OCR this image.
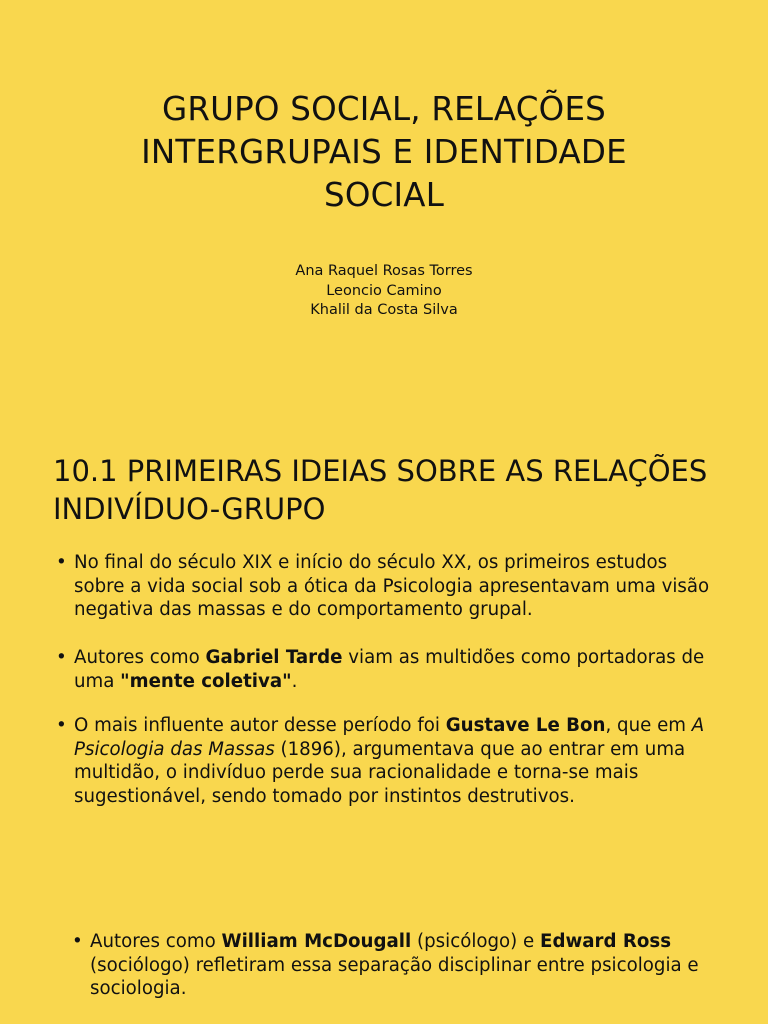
GRUPO SOCIAL, RELAÇÕES INTERGRUPAIS E IDENTIDADE SOCIAL
Ana Raquel Rosas Torres
Leoncio Camino
Khalil da Costa Silva
10.1 PRIMEIRAS IDEIAS SOBRE AS RELAÇÕES INDIVÍDUO-GRUPO
• No final do século XIX e início do século XX, os primeiros estudos sobre a vida social sob a ótica da Psicologia apresentavam uma visão negativa das massas e do comportamento grupal.
• Autores como Gabriel Tarde viam as multidões como portadoras de uma "mente coletiva".
• O mais influente autor desse período foi Gustave Le Bon, que em A Psicologia das Massas (1896), argumentava que ao entrar em uma multidão, o indivíduo perde sua racionalidade e torna-se mais sugestionável, sendo tomado por instintos destrutivos.
• Autores como William McDougall (psicólogo) e Edward Ross (sociólogo) refletiram essa separação disciplinar entre psicologia e sociologia.
